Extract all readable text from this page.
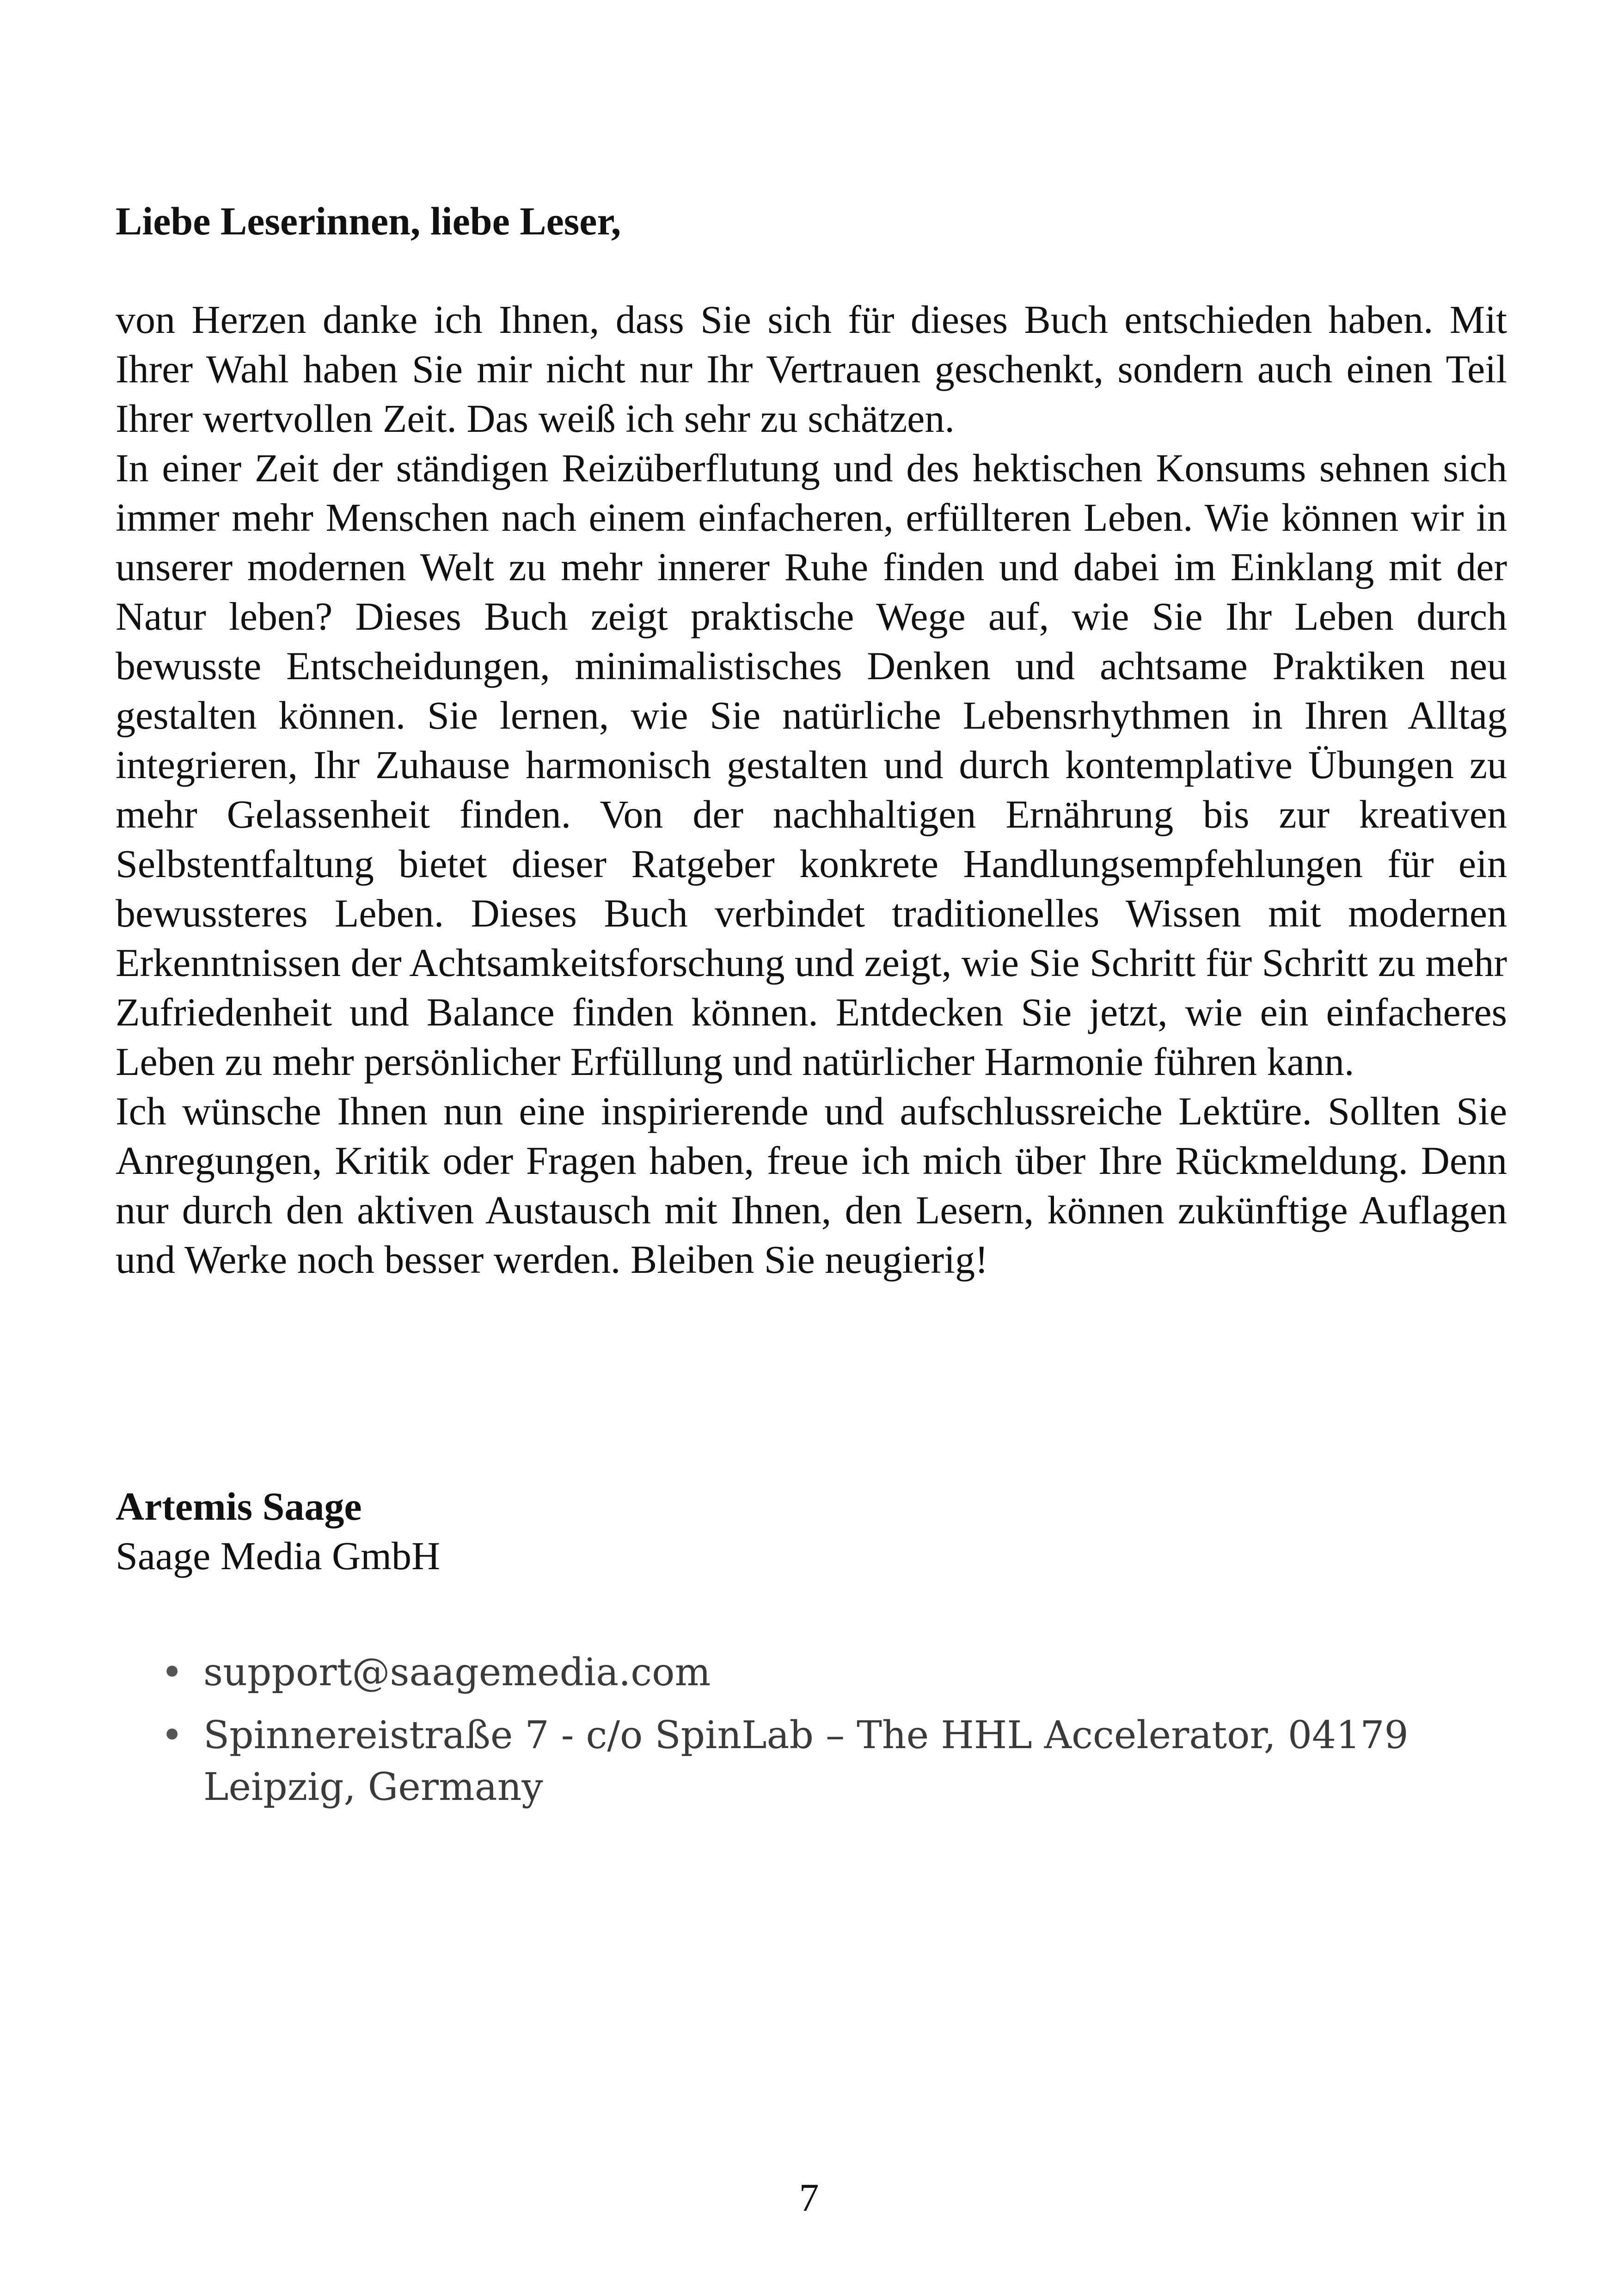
Liebe Leserinnen, liebe Leser,

von Herzen danke ich Ihnen, dass Sie sich für dieses Buch entschieden haben. Mit Ihrer Wahl haben Sie mir nicht nur Ihr Vertrauen geschenkt, sondern auch einen Teil Ihrer wertvollen Zeit. Das weiß ich sehr zu schätzen.

In einer Zeit der ständigen Reizüberflutung und des hektischen Konsums sehnen sich immer mehr Menschen nach einem einfacheren, erfüllteren Leben. Wie können wir in unserer modernen Welt zu mehr innerer Ruhe finden und dabei im Einklang mit der Natur leben? Dieses Buch zeigt praktische Wege auf, wie Sie Ihr Leben durch bewusste Entscheidungen, minimalistisches Denken und achtsame Praktiken neu gestalten können. Sie lernen, wie Sie natürliche Lebensrhythmen in Ihren Alltag integrieren, Ihr Zuhause harmonisch gestalten und durch kontemplative Übungen zu mehr Gelassenheit finden. Von der nachhaltigen Ernährung bis zur kreativen Selbstentfaltung bietet dieser Ratgeber konkrete Handlungsempfehlungen für ein bewussteres Leben. Dieses Buch verbindet traditionelles Wissen mit modernen Erkenntnissen der Achtsamkeitsforschung und zeigt, wie Sie Schritt für Schritt zu mehr Zufriedenheit und Balance finden können. Entdecken Sie jetzt, wie ein einfacheres Leben zu mehr persönlicher Erfüllung und natürlicher Harmonie führen kann.

Ich wünsche Ihnen nun eine inspirierende und aufschlussreiche Lektüre. Sollten Sie Anregungen, Kritik oder Fragen haben, freue ich mich über Ihre Rückmeldung. Denn nur durch den aktiven Austausch mit Ihnen, den Lesern, können zukünftige Auflagen und Werke noch besser werden. Bleiben Sie neugierig!

Artemis Saage
Saage Media GmbH
• support@saagemedia.com
• Spinnereistraße 7 - c/o SpinLab – The HHL Accelerator, 04179 Leipzig, Germany
7
